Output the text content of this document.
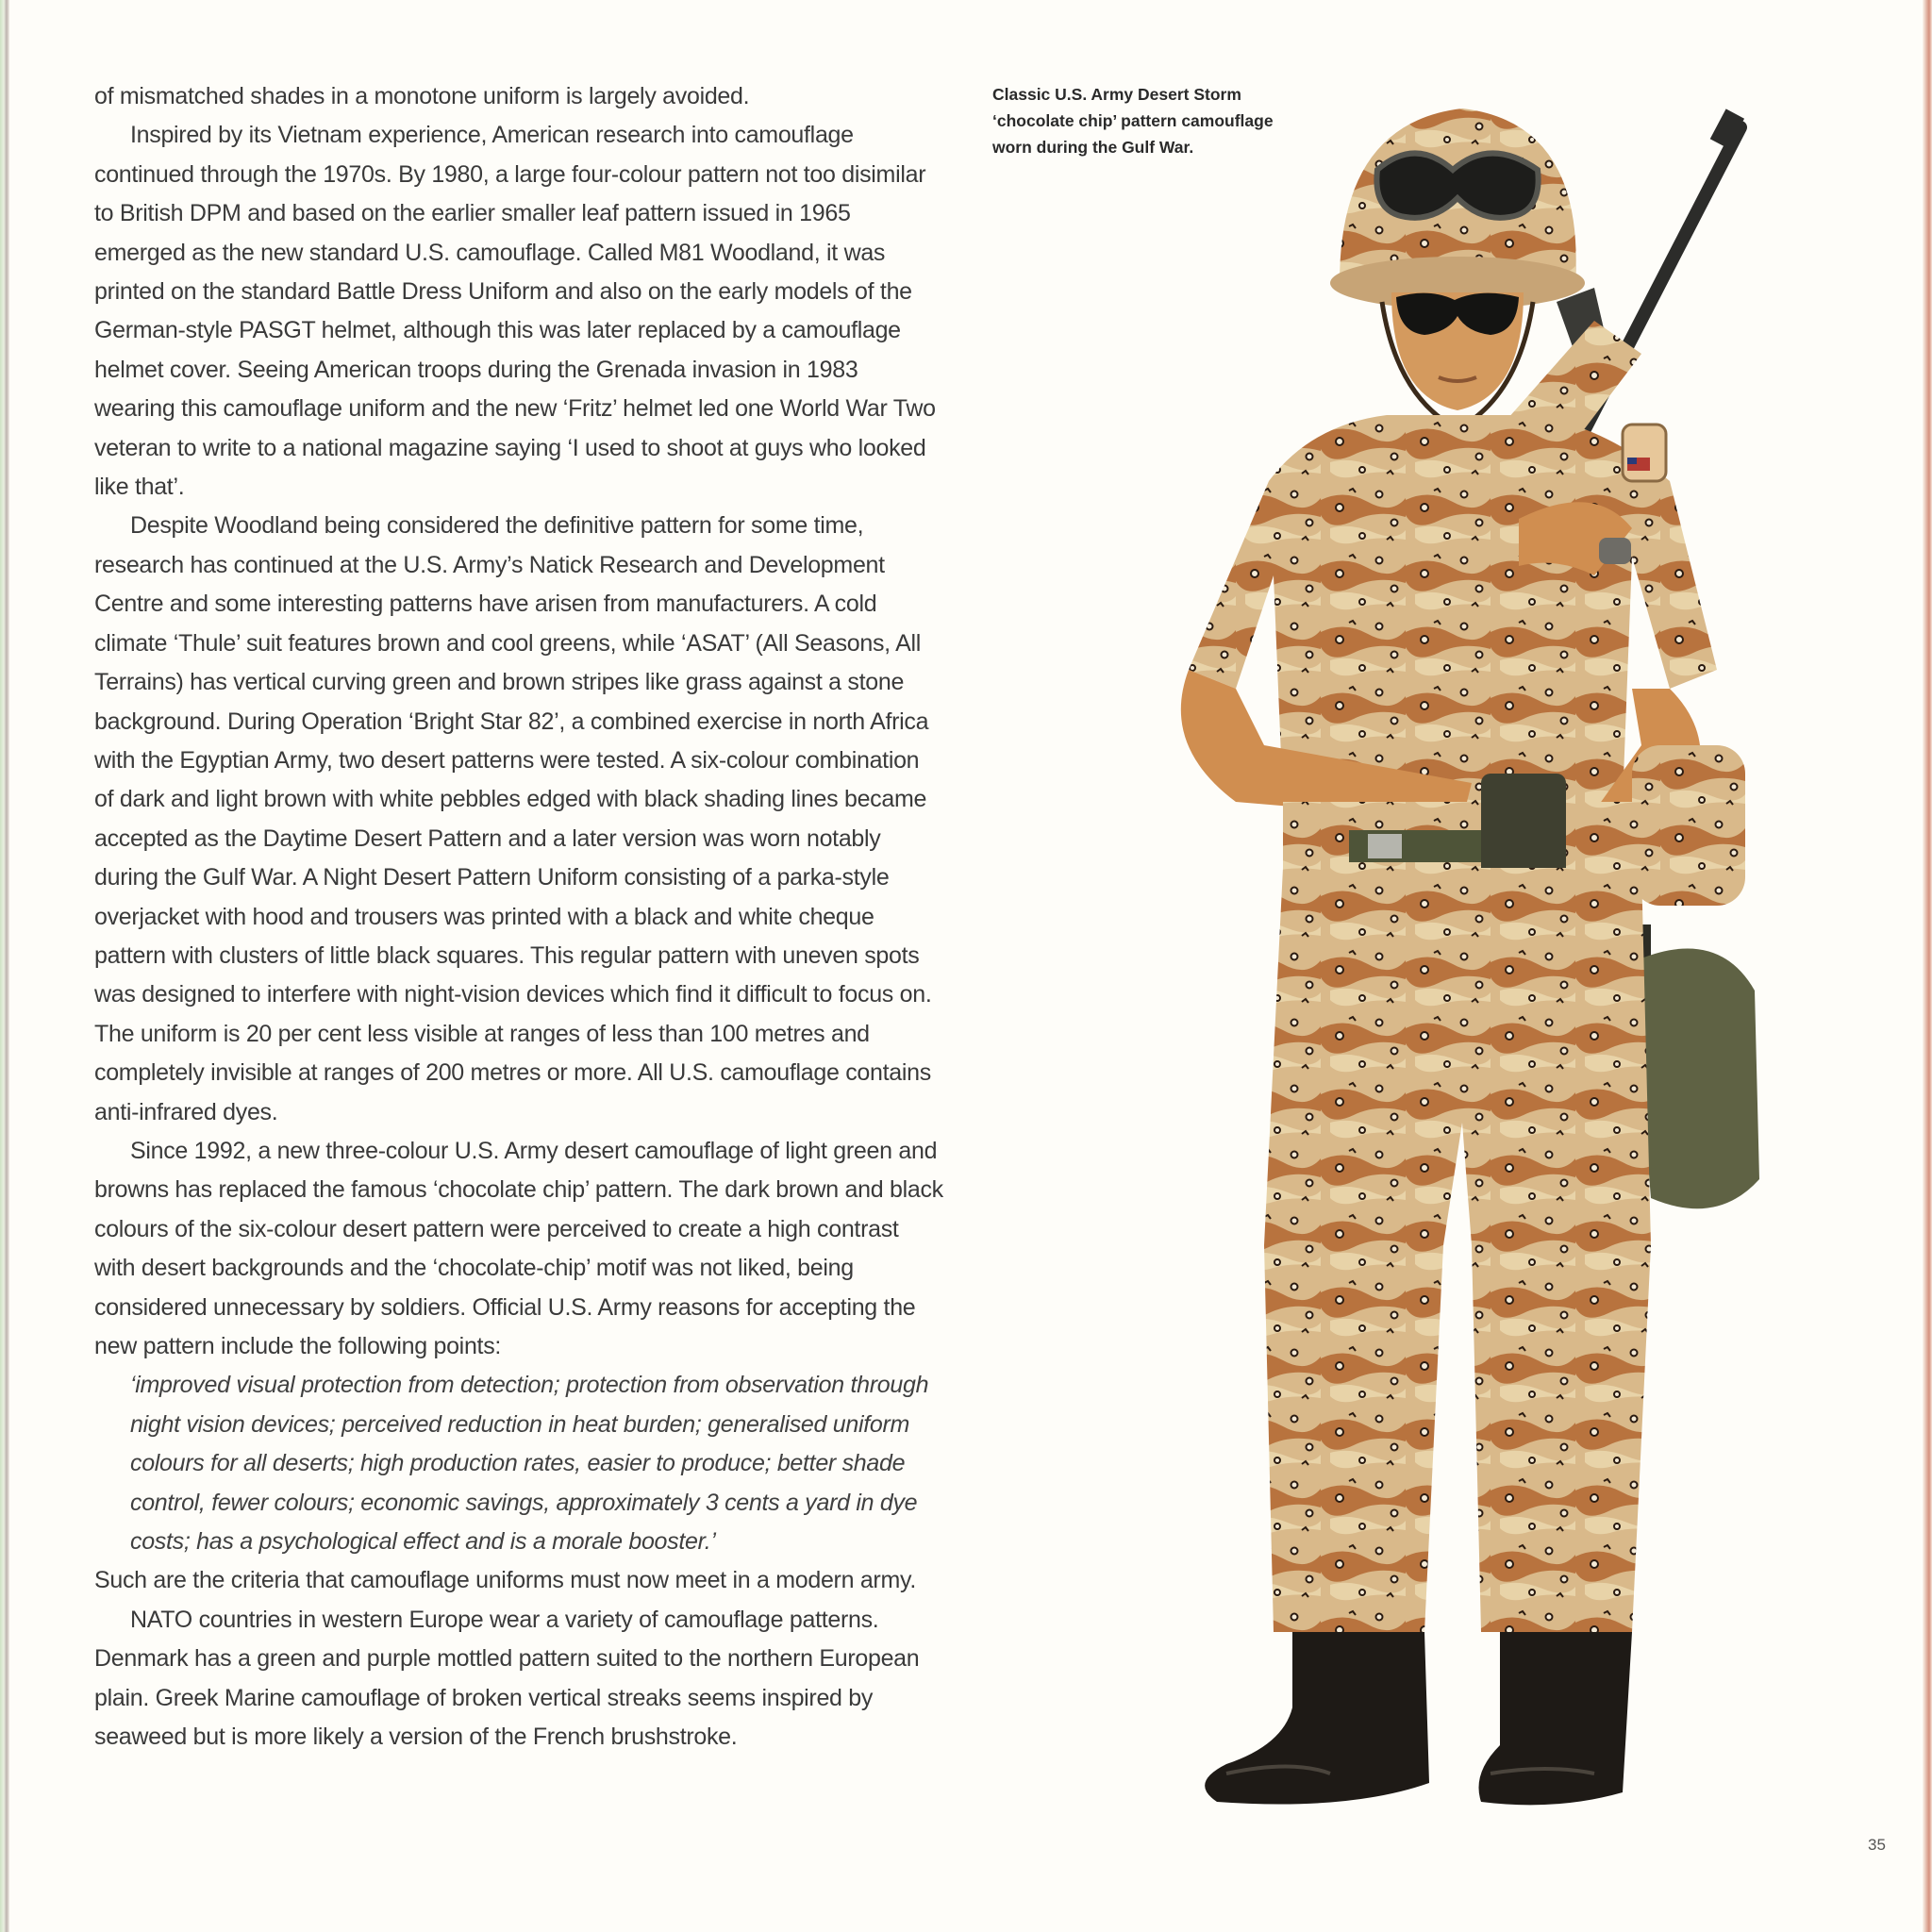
of mismatched shades in a monotone uniform is largely avoided.

Inspired by its Vietnam experience, American research into camouflage continued through the 1970s. By 1980, a large four-colour pattern not too disimilar to British DPM and based on the earlier smaller leaf pattern issued in 1965 emerged as the new standard U.S. camouflage. Called M81 Woodland, it was printed on the standard Battle Dress Uniform and also on the early models of the German-style PASGT helmet, although this was later replaced by a camouflage helmet cover. Seeing American troops during the Grenada invasion in 1983 wearing this camouflage uniform and the new ‘Fritz’ helmet led one World War Two veteran to write to a national magazine saying ‘I used to shoot at guys who looked like that’.

Despite Woodland being considered the definitive pattern for some time, research has continued at the U.S. Army’s Natick Research and Development Centre and some interesting patterns have arisen from manufacturers. A cold climate ‘Thule’ suit features brown and cool greens, while ‘ASAT’ (All Seasons, All Terrains) has vertical curving green and brown stripes like grass against a stone background. During Operation ‘Bright Star 82’, a combined exercise in north Africa with the Egyptian Army, two desert patterns were tested. A six-colour combination of dark and light brown with white pebbles edged with black shading lines became accepted as the Daytime Desert Pattern and a later version was worn notably during the Gulf War. A Night Desert Pattern Uniform consisting of a parka-style overjacket with hood and trousers was printed with a black and white cheque pattern with clusters of little black squares. This regular pattern with uneven spots was designed to interfere with night-vision devices which find it difficult to focus on. The uniform is 20 per cent less visible at ranges of less than 100 metres and completely invisible at ranges of 200 metres or more. All U.S. camouflage contains anti-infrared dyes.

Since 1992, a new three-colour U.S. Army desert camouflage of light green and browns has replaced the famous ‘chocolate chip’ pattern. The dark brown and black colours of the six-colour desert pattern were perceived to create a high contrast with desert backgrounds and the ‘chocolate-chip’ motif was not liked, being considered unnecessary by soldiers. Official U.S. Army reasons for accepting the new pattern include the following points:

‘improved visual protection from detection; protection from observation through night vision devices; perceived reduction in heat burden; generalised uniform colours for all deserts; high production rates, easier to produce; better shade control, fewer colours; economic savings, approximately 3 cents a yard in dye costs; has a psychological effect and is a morale booster.’

Such are the criteria that camouflage uniforms must now meet in a modern army.

NATO countries in western Europe wear a variety of camouflage patterns. Denmark has a green and purple mottled pattern suited to the northern European plain. Greek Marine camouflage of broken vertical streaks seems inspired by seaweed but is more likely a version of the French brushstroke.

Classic U.S. Army Desert Storm ‘chocolate chip’ pattern camouflage worn during the Gulf War.
35
